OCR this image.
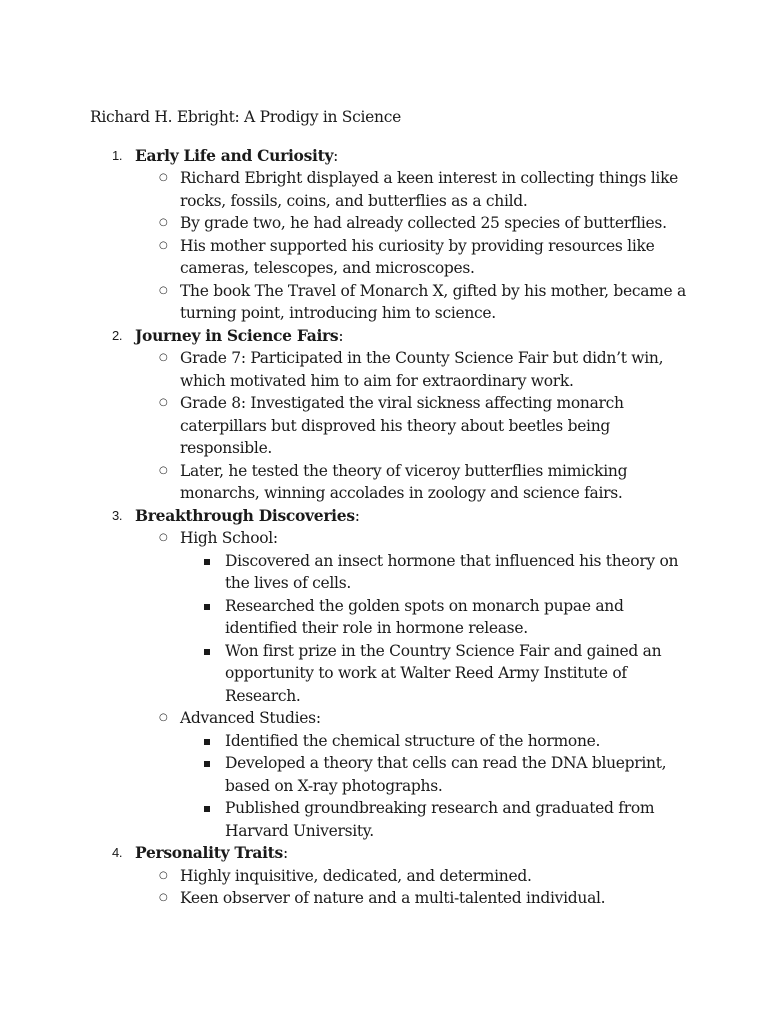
Richard H. Ebright: A Prodigy in Science
1. Early Life and Curiosity:
○ Richard Ebright displayed a keen interest in collecting things like rocks, fossils, coins, and butterflies as a child.
○ By grade two, he had already collected 25 species of butterflies.
○ His mother supported his curiosity by providing resources like cameras, telescopes, and microscopes.
○ The book The Travel of Monarch X, gifted by his mother, became a turning point, introducing him to science.
2. Journey in Science Fairs:
○ Grade 7: Participated in the County Science Fair but didn’t win, which motivated him to aim for extraordinary work.
○ Grade 8: Investigated the viral sickness affecting monarch caterpillars but disproved his theory about beetles being responsible.
○ Later, he tested the theory of viceroy butterflies mimicking monarchs, winning accolades in zoology and science fairs.
3. Breakthrough Discoveries:
○ High School:
Discovered an insect hormone that influenced his theory on the lives of cells.
Researched the golden spots on monarch pupae and identified their role in hormone release.
Won first prize in the Country Science Fair and gained an opportunity to work at Walter Reed Army Institute of Research.
○ Advanced Studies:
Identified the chemical structure of the hormone.
Developed a theory that cells can read the DNA blueprint, based on X-ray photographs.
Published groundbreaking research and graduated from Harvard University.
4. Personality Traits:
○ Highly inquisitive, dedicated, and determined.
○ Keen observer of nature and a multi-talented individual.
